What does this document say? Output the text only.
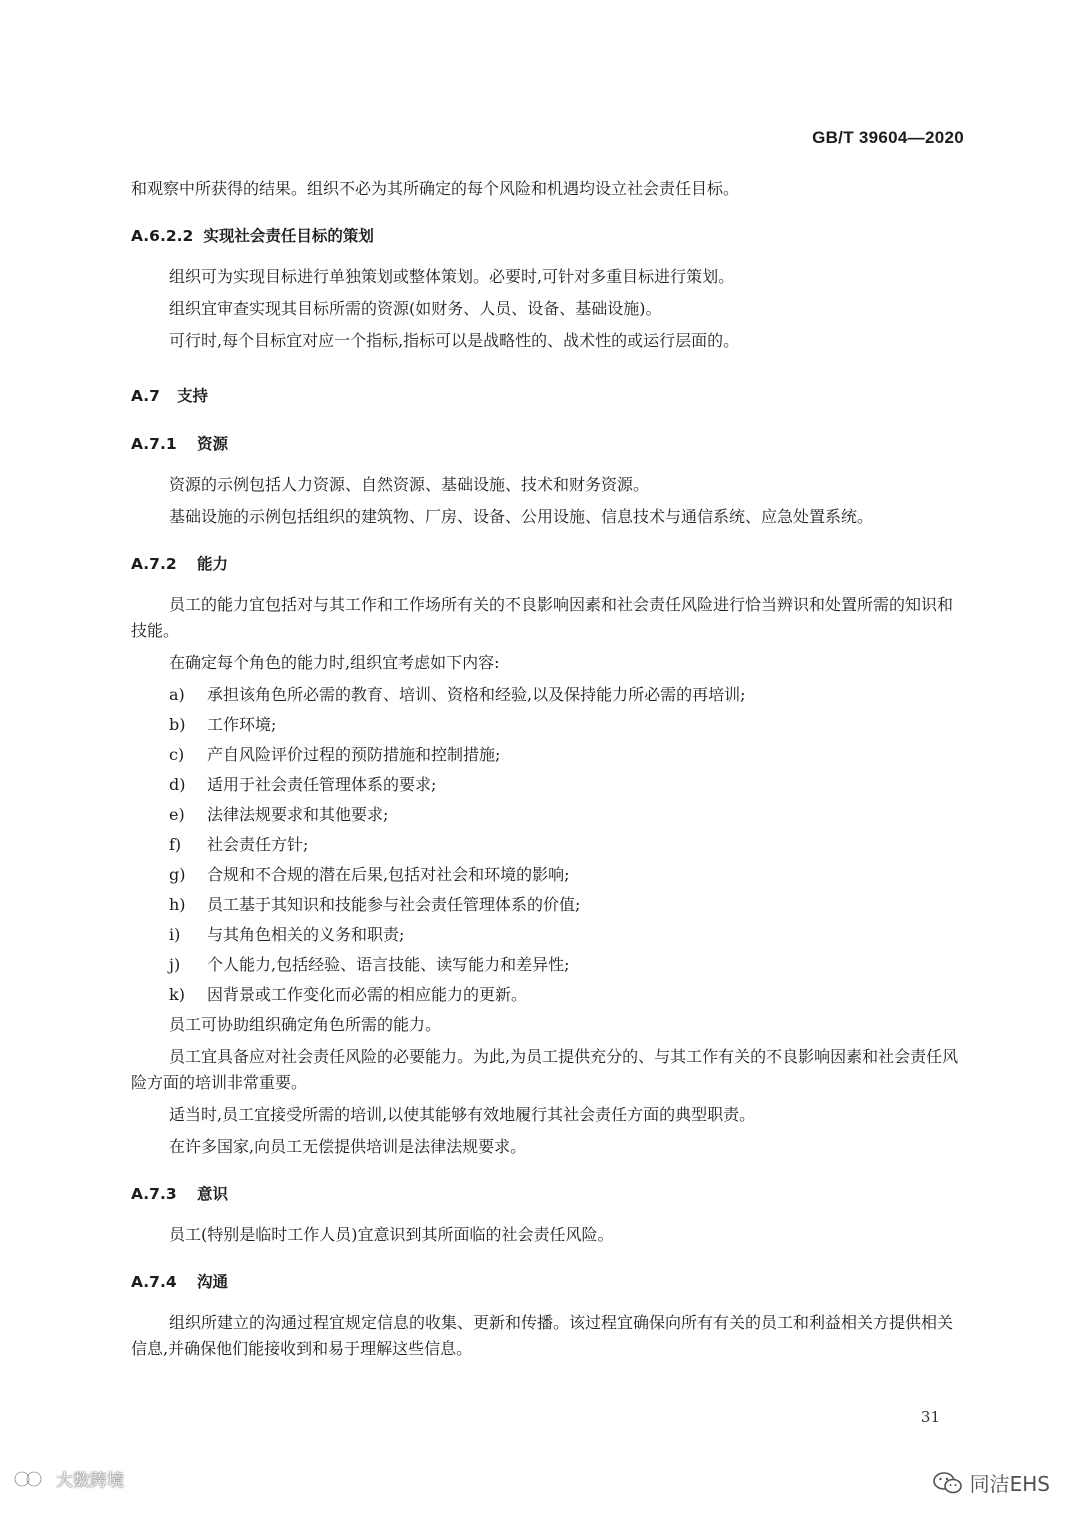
GB/T 39604—2020

和观察中所获得的结果。组织不必为其所确定的每个风险和机遇均设立社会责任目标。

A.6.2.2 实现社会责任目标的策划

组织可为实现目标进行单独策划或整体策划。必要时,可针对多重目标进行策划。

组织宜审查实现其目标所需的资源(如财务、人员、设备、基础设施)。

可行时,每个目标宜对应一个指标,指标可以是战略性的、战术性的或运行层面的。

A.7 支持
A.7.1 资源

资源的示例包括人力资源、自然资源、基础设施、技术和财务资源。

基础设施的示例包括组织的建筑物、厂房、设备、公用设施、信息技术与通信系统、应急处置系统。

A.7.2 能力

员工的能力宜包括对与其工作和工作场所有关的不良影响因素和社会责任风险进行恰当辨识和处置所需的知识和技能。

在确定每个角色的能力时,组织宜考虑如下内容:

a)	承担该角色所必需的教育、培训、资格和经验,以及保持能力所必需的再培训;
b)	工作环境;
c)	产自风险评价过程的预防措施和控制措施;
d)	适用于社会责任管理体系的要求;
e)	法律法规要求和其他要求;
f)	社会责任方针;
g)	合规和不合规的潜在后果,包括对社会和环境的影响;
h)	员工基于其知识和技能参与社会责任管理体系的价值;
i)	与其角色相关的义务和职责;
j)	个人能力,包括经验、语言技能、读写能力和差异性;
k)	因背景或工作变化而必需的相应能力的更新。

员工可协助组织确定角色所需的能力。

员工宜具备应对社会责任风险的必要能力。为此,为员工提供充分的、与其工作有关的不良影响因素和社会责任风险方面的培训非常重要。

适当时,员工宜接受所需的培训,以使其能够有效地履行其社会责任方面的典型职责。

在许多国家,向员工无偿提供培训是法律法规要求。

A.7.3 意识

员工(特别是临时工作人员)宜意识到其所面临的社会责任风险。

A.7.4 沟通

组织所建立的沟通过程宜规定信息的收集、更新和传播。该过程宜确保向所有有关的员工和利益相关方提供相关信息,并确保他们能接收到和易于理解这些信息。

31
大数跨境	同洁EHS
